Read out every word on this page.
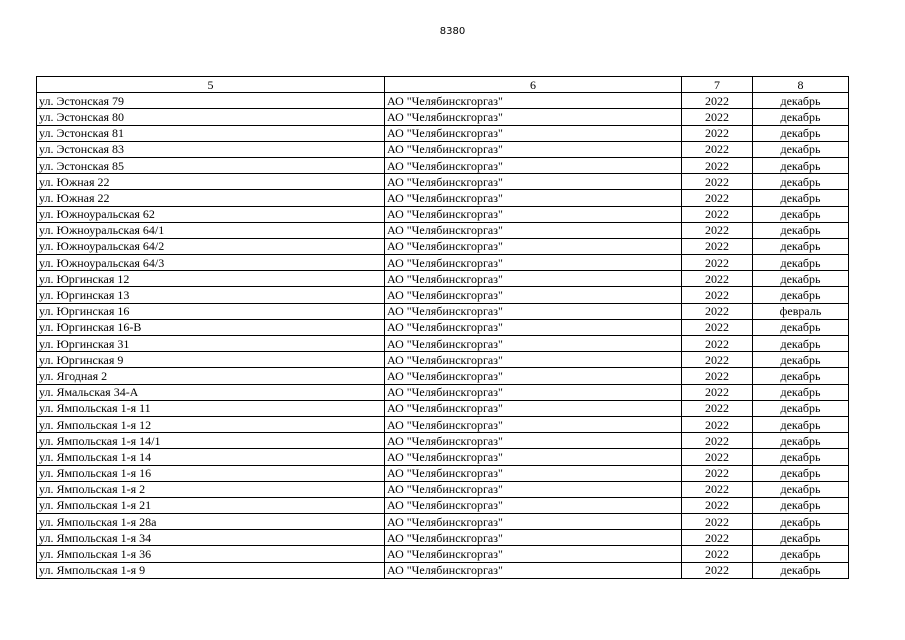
8380
5	6	7	8
ул. Эстонская 79	АО "Челябинскгоргаз"	2022	декабрь
ул. Эстонская 80	АО "Челябинскгоргаз"	2022	декабрь
ул. Эстонская 81	АО "Челябинскгоргаз"	2022	декабрь
ул. Эстонская 83	АО "Челябинскгоргаз"	2022	декабрь
ул. Эстонская 85	АО "Челябинскгоргаз"	2022	декабрь
ул. Южная 22	АО "Челябинскгоргаз"	2022	декабрь
ул. Южная 22	АО "Челябинскгоргаз"	2022	декабрь
ул. Южноуральская 62	АО "Челябинскгоргаз"	2022	декабрь
ул. Южноуральская 64/1	АО "Челябинскгоргаз"	2022	декабрь
ул. Южноуральская 64/2	АО "Челябинскгоргаз"	2022	декабрь
ул. Южноуральская 64/3	АО "Челябинскгоргаз"	2022	декабрь
ул. Юргинская 12	АО "Челябинскгоргаз"	2022	декабрь
ул. Юргинская 13	АО "Челябинскгоргаз"	2022	декабрь
ул. Юргинская 16	АО "Челябинскгоргаз"	2022	февраль
ул. Юргинская 16-В	АО "Челябинскгоргаз"	2022	декабрь
ул. Юргинская 31	АО "Челябинскгоргаз"	2022	декабрь
ул. Юргинская 9	АО "Челябинскгоргаз"	2022	декабрь
ул. Ягодная 2	АО "Челябинскгоргаз"	2022	декабрь
ул. Ямальская 34-А	АО "Челябинскгоргаз"	2022	декабрь
ул. Ямпольская 1-я 11	АО "Челябинскгоргаз"	2022	декабрь
ул. Ямпольская 1-я 12	АО "Челябинскгоргаз"	2022	декабрь
ул. Ямпольская 1-я 14/1	АО "Челябинскгоргаз"	2022	декабрь
ул. Ямпольская 1-я 14	АО "Челябинскгоргаз"	2022	декабрь
ул. Ямпольская 1-я 16	АО "Челябинскгоргаз"	2022	декабрь
ул. Ямпольская 1-я 2	АО "Челябинскгоргаз"	2022	декабрь
ул. Ямпольская 1-я 21	АО "Челябинскгоргаз"	2022	декабрь
ул. Ямпольская 1-я 28а	АО "Челябинскгоргаз"	2022	декабрь
ул. Ямпольская 1-я 34	АО "Челябинскгоргаз"	2022	декабрь
ул. Ямпольская 1-я 36	АО "Челябинскгоргаз"	2022	декабрь
ул. Ямпольская 1-я 9	АО "Челябинскгоргаз"	2022	декабрь
